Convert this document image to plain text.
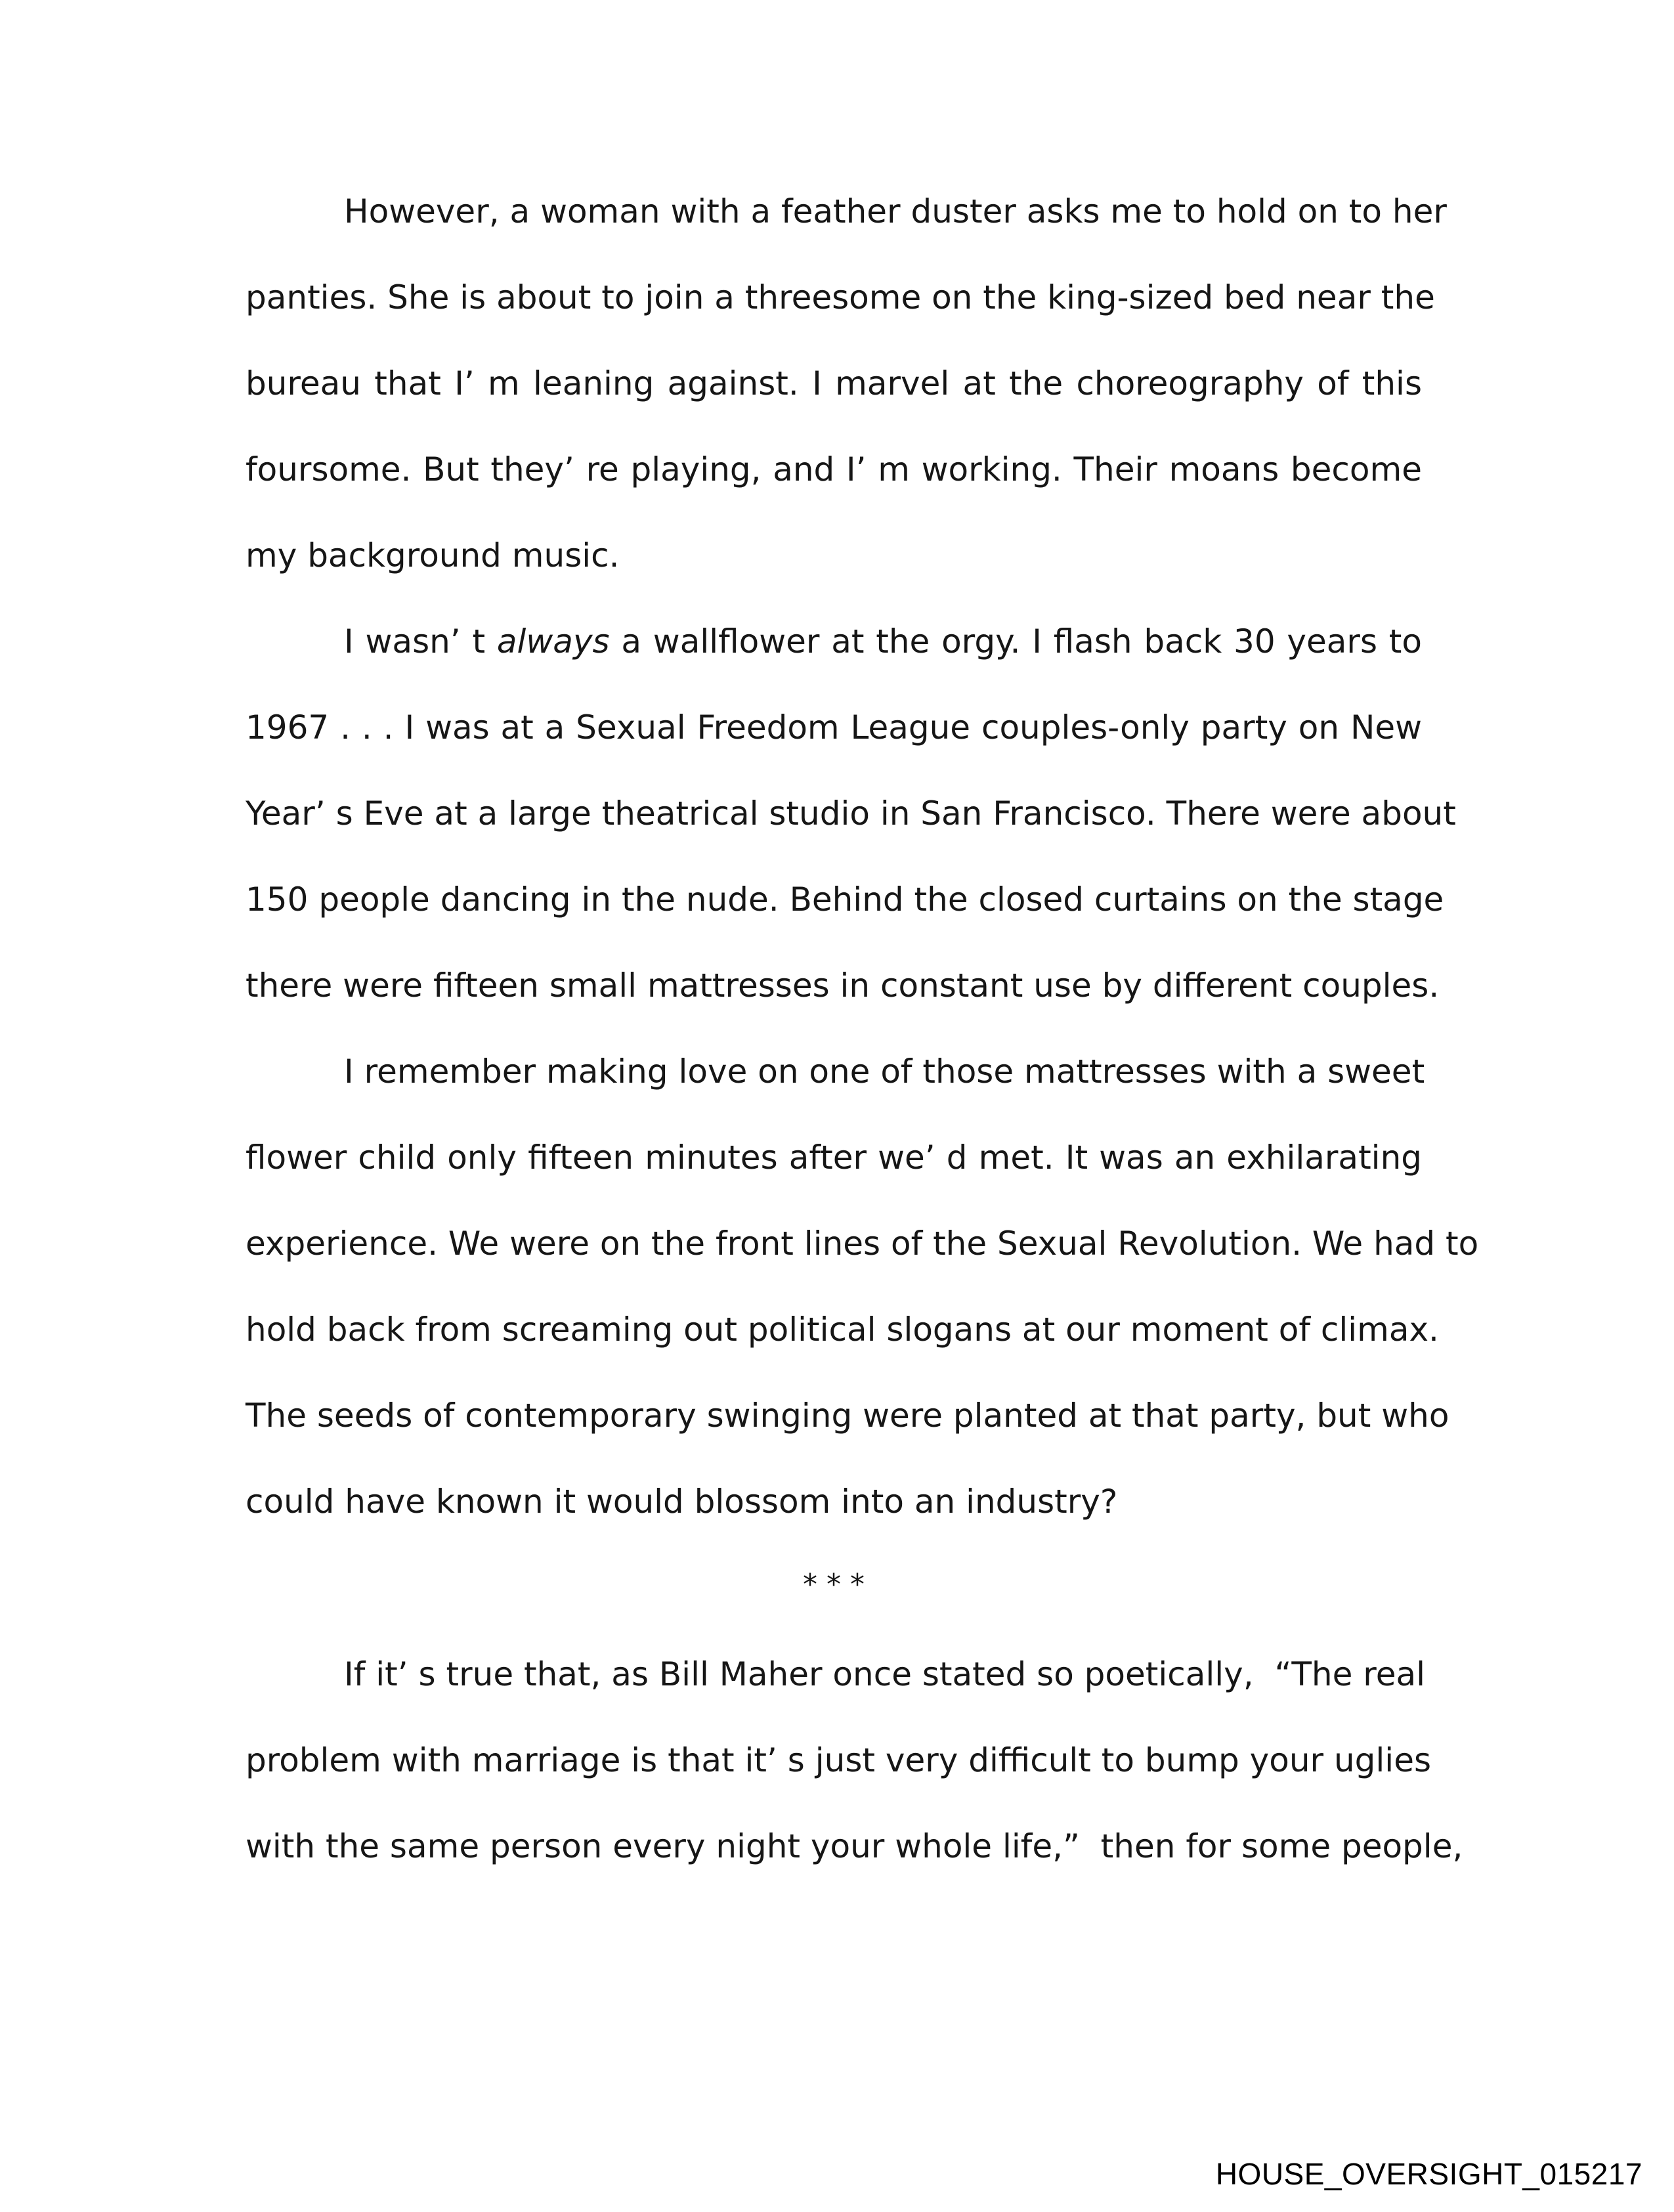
However, a woman with a feather duster asks me to hold on to her
panties. She is about to join a threesome on the king-sized bed near the
bureau that I’ m leaning against. I marvel at the choreography of this
foursome. But they’ re playing, and I’ m working. Their moans become
my background music.
I wasn’ t always a wallflower at the orgy. I flash back 30 years to
1967 . . . I was at a Sexual Freedom League couples-only party on New
Year’ s Eve at a large theatrical studio in San Francisco. There were about
150 people dancing in the nude. Behind the closed curtains on the stage
there were fifteen small mattresses in constant use by different couples.
I remember making love on one of those mattresses with a sweet
flower child only fifteen minutes after we’ d met. It was an exhilarating
experience. We were on the front lines of the Sexual Revolution. We had to
hold back from screaming out political slogans at our moment of climax.
The seeds of contemporary swinging were planted at that party, but who
could have known it would blossom into an industry?
* * *
If it’ s true that, as Bill Maher once stated so poetically,  “The real
problem with marriage is that it’ s just very difficult to bump your uglies
with the same person every night your whole life,”  then for some people,
HOUSE_OVERSIGHT_015217
